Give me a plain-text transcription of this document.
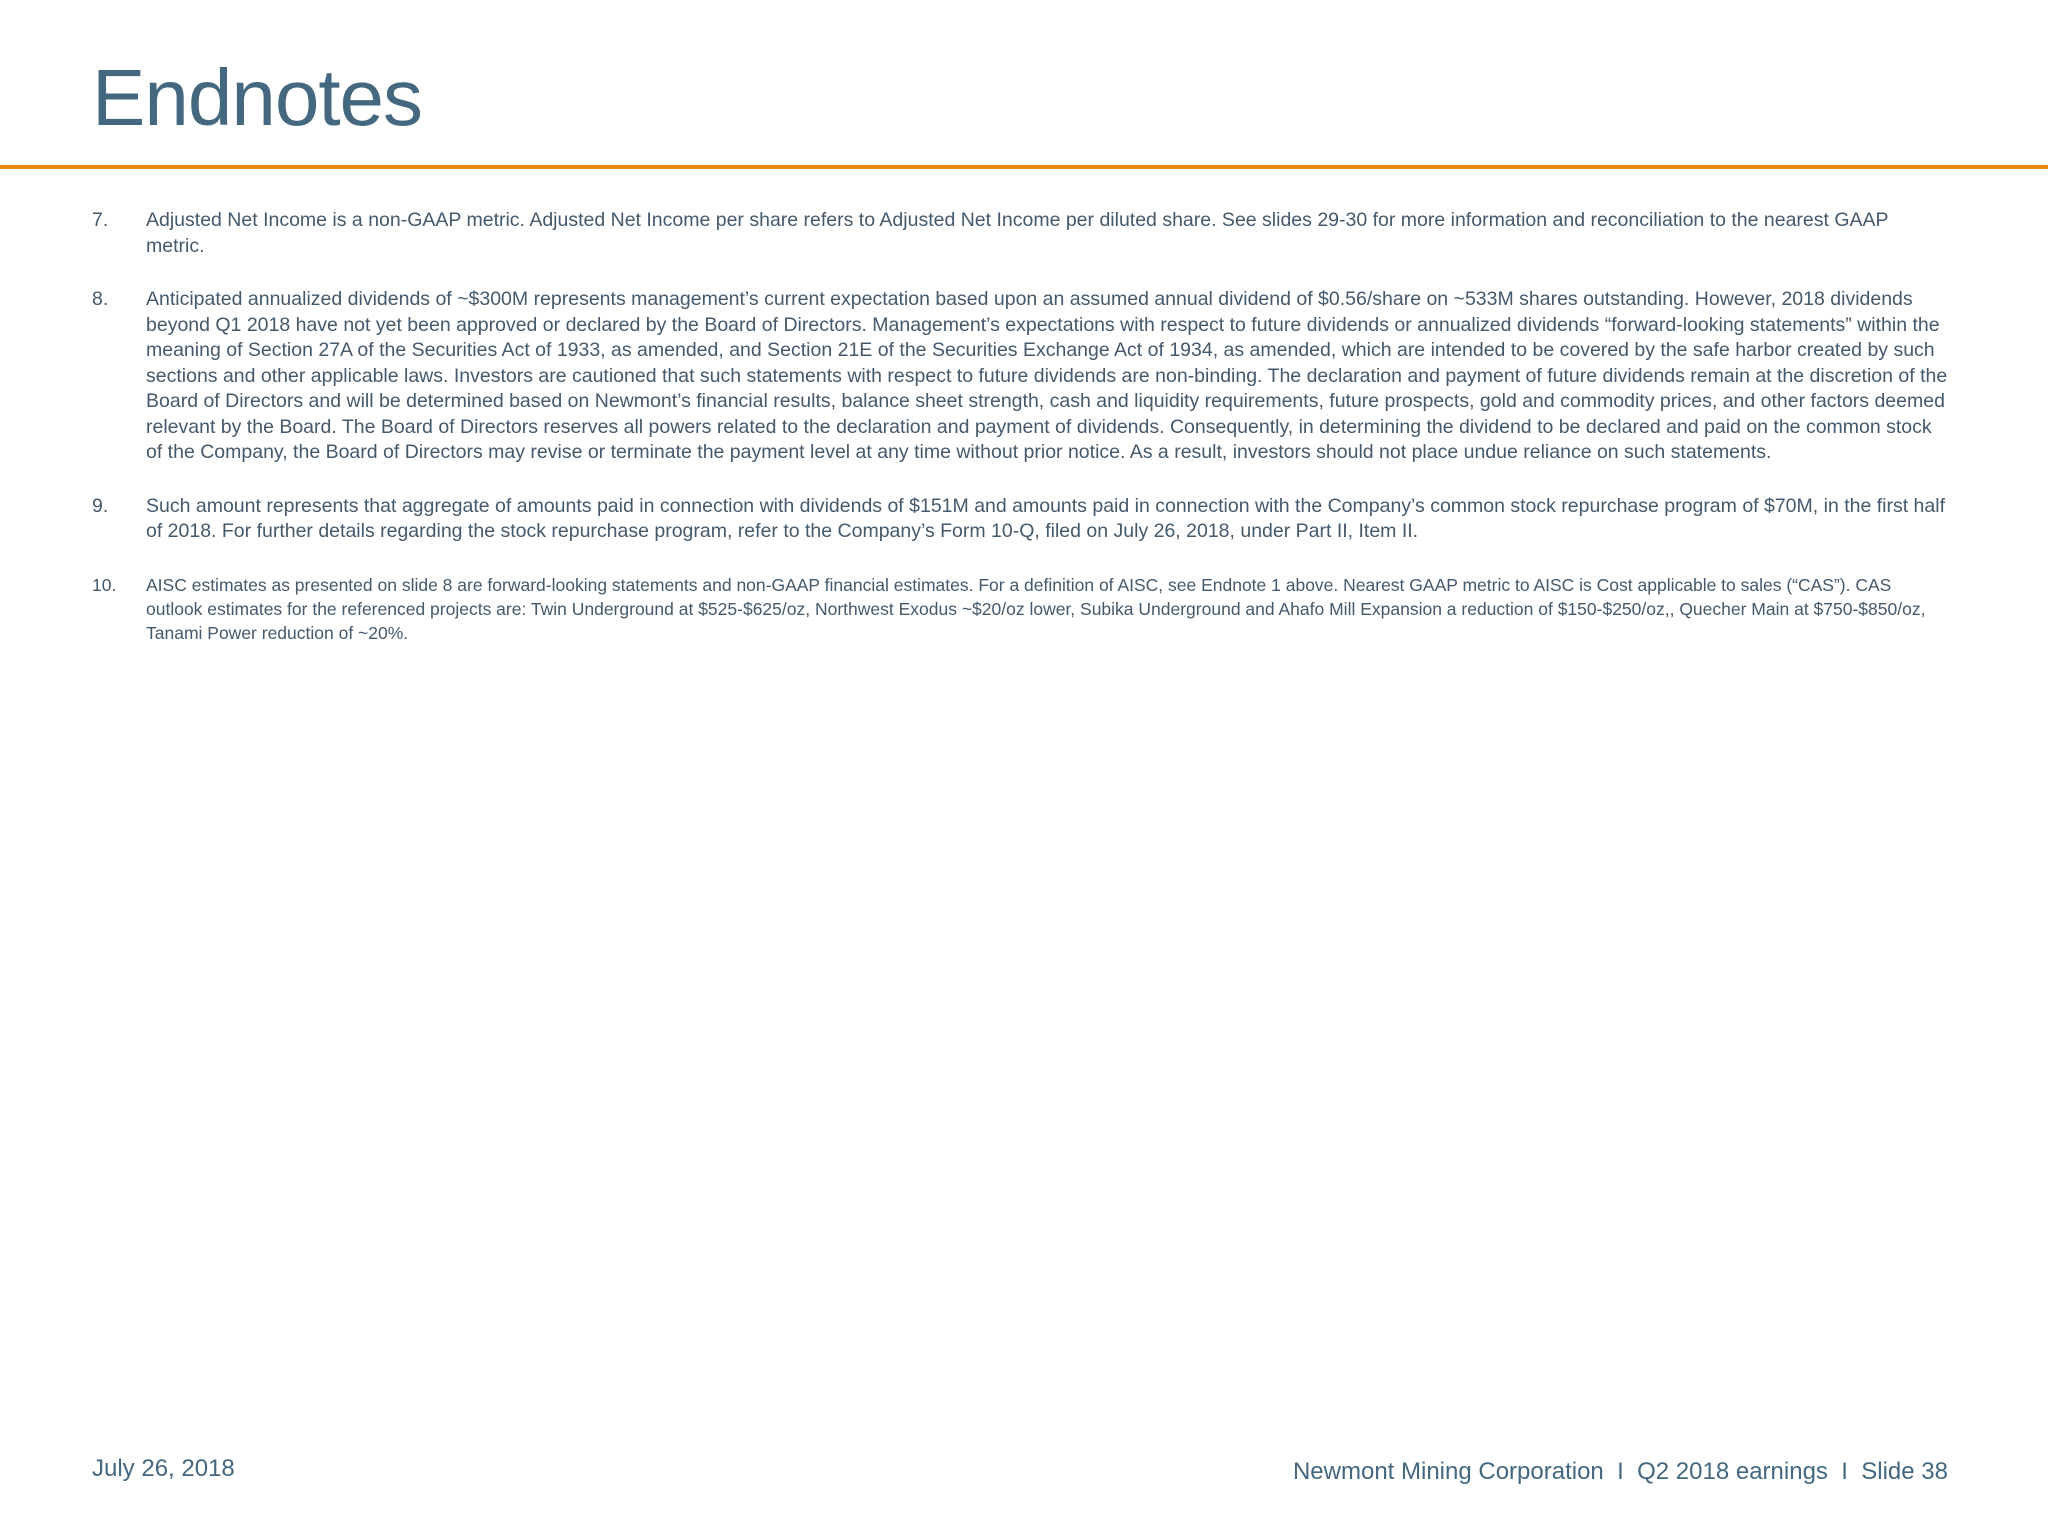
Endnotes
7.	Adjusted Net Income is a non-GAAP metric. Adjusted Net Income per share refers to Adjusted Net Income per diluted share. See slides 29-30 for more information and reconciliation to the nearest GAAP metric.
8.	Anticipated annualized dividends of ~$300M represents management’s current expectation based upon an assumed annual dividend of $0.56/share on ~533M shares outstanding. However, 2018 dividends beyond Q1 2018 have not yet been approved or declared by the Board of Directors. Management’s expectations with respect to future dividends or annualized dividends “forward-looking statements” within the meaning of Section 27A of the Securities Act of 1933, as amended, and Section 21E of the Securities Exchange Act of 1934, as amended, which are intended to be covered by the safe harbor created by such sections and other applicable laws. Investors are cautioned that such statements with respect to future dividends are non-binding. The declaration and payment of future dividends remain at the discretion of the Board of Directors and will be determined based on Newmont’s financial results, balance sheet strength, cash and liquidity requirements, future prospects, gold and commodity prices, and other factors deemed relevant by the Board. The Board of Directors reserves all powers related to the declaration and payment of dividends. Consequently, in determining the dividend to be declared and paid on the common stock of the Company, the Board of Directors may revise or terminate the payment level at any time without prior notice. As a result, investors should not place undue reliance on such statements.
9.	Such amount represents that aggregate of amounts paid in connection with dividends of $151M and amounts paid in connection with the Company’s common stock repurchase program of $70M, in the first half of 2018. For further details regarding the stock repurchase program, refer to the Company’s Form 10-Q, filed on July 26, 2018, under Part II, Item II.
10.	AISC estimates as presented on slide 8 are forward-looking statements and non-GAAP financial estimates. For a definition of AISC, see Endnote 1 above. Nearest GAAP metric to AISC is Cost applicable to sales (“CAS”). CAS outlook estimates for the referenced projects are: Twin Underground at $525-$625/oz, Northwest Exodus ~$20/oz lower, Subika Underground and Ahafo Mill Expansion a reduction of $150-$250/oz,, Quecher Main at $750-$850/oz, Tanami Power reduction of ~20%.
July 26, 2018	Newmont Mining Corporation  I  Q2 2018 earnings  I  Slide 38
